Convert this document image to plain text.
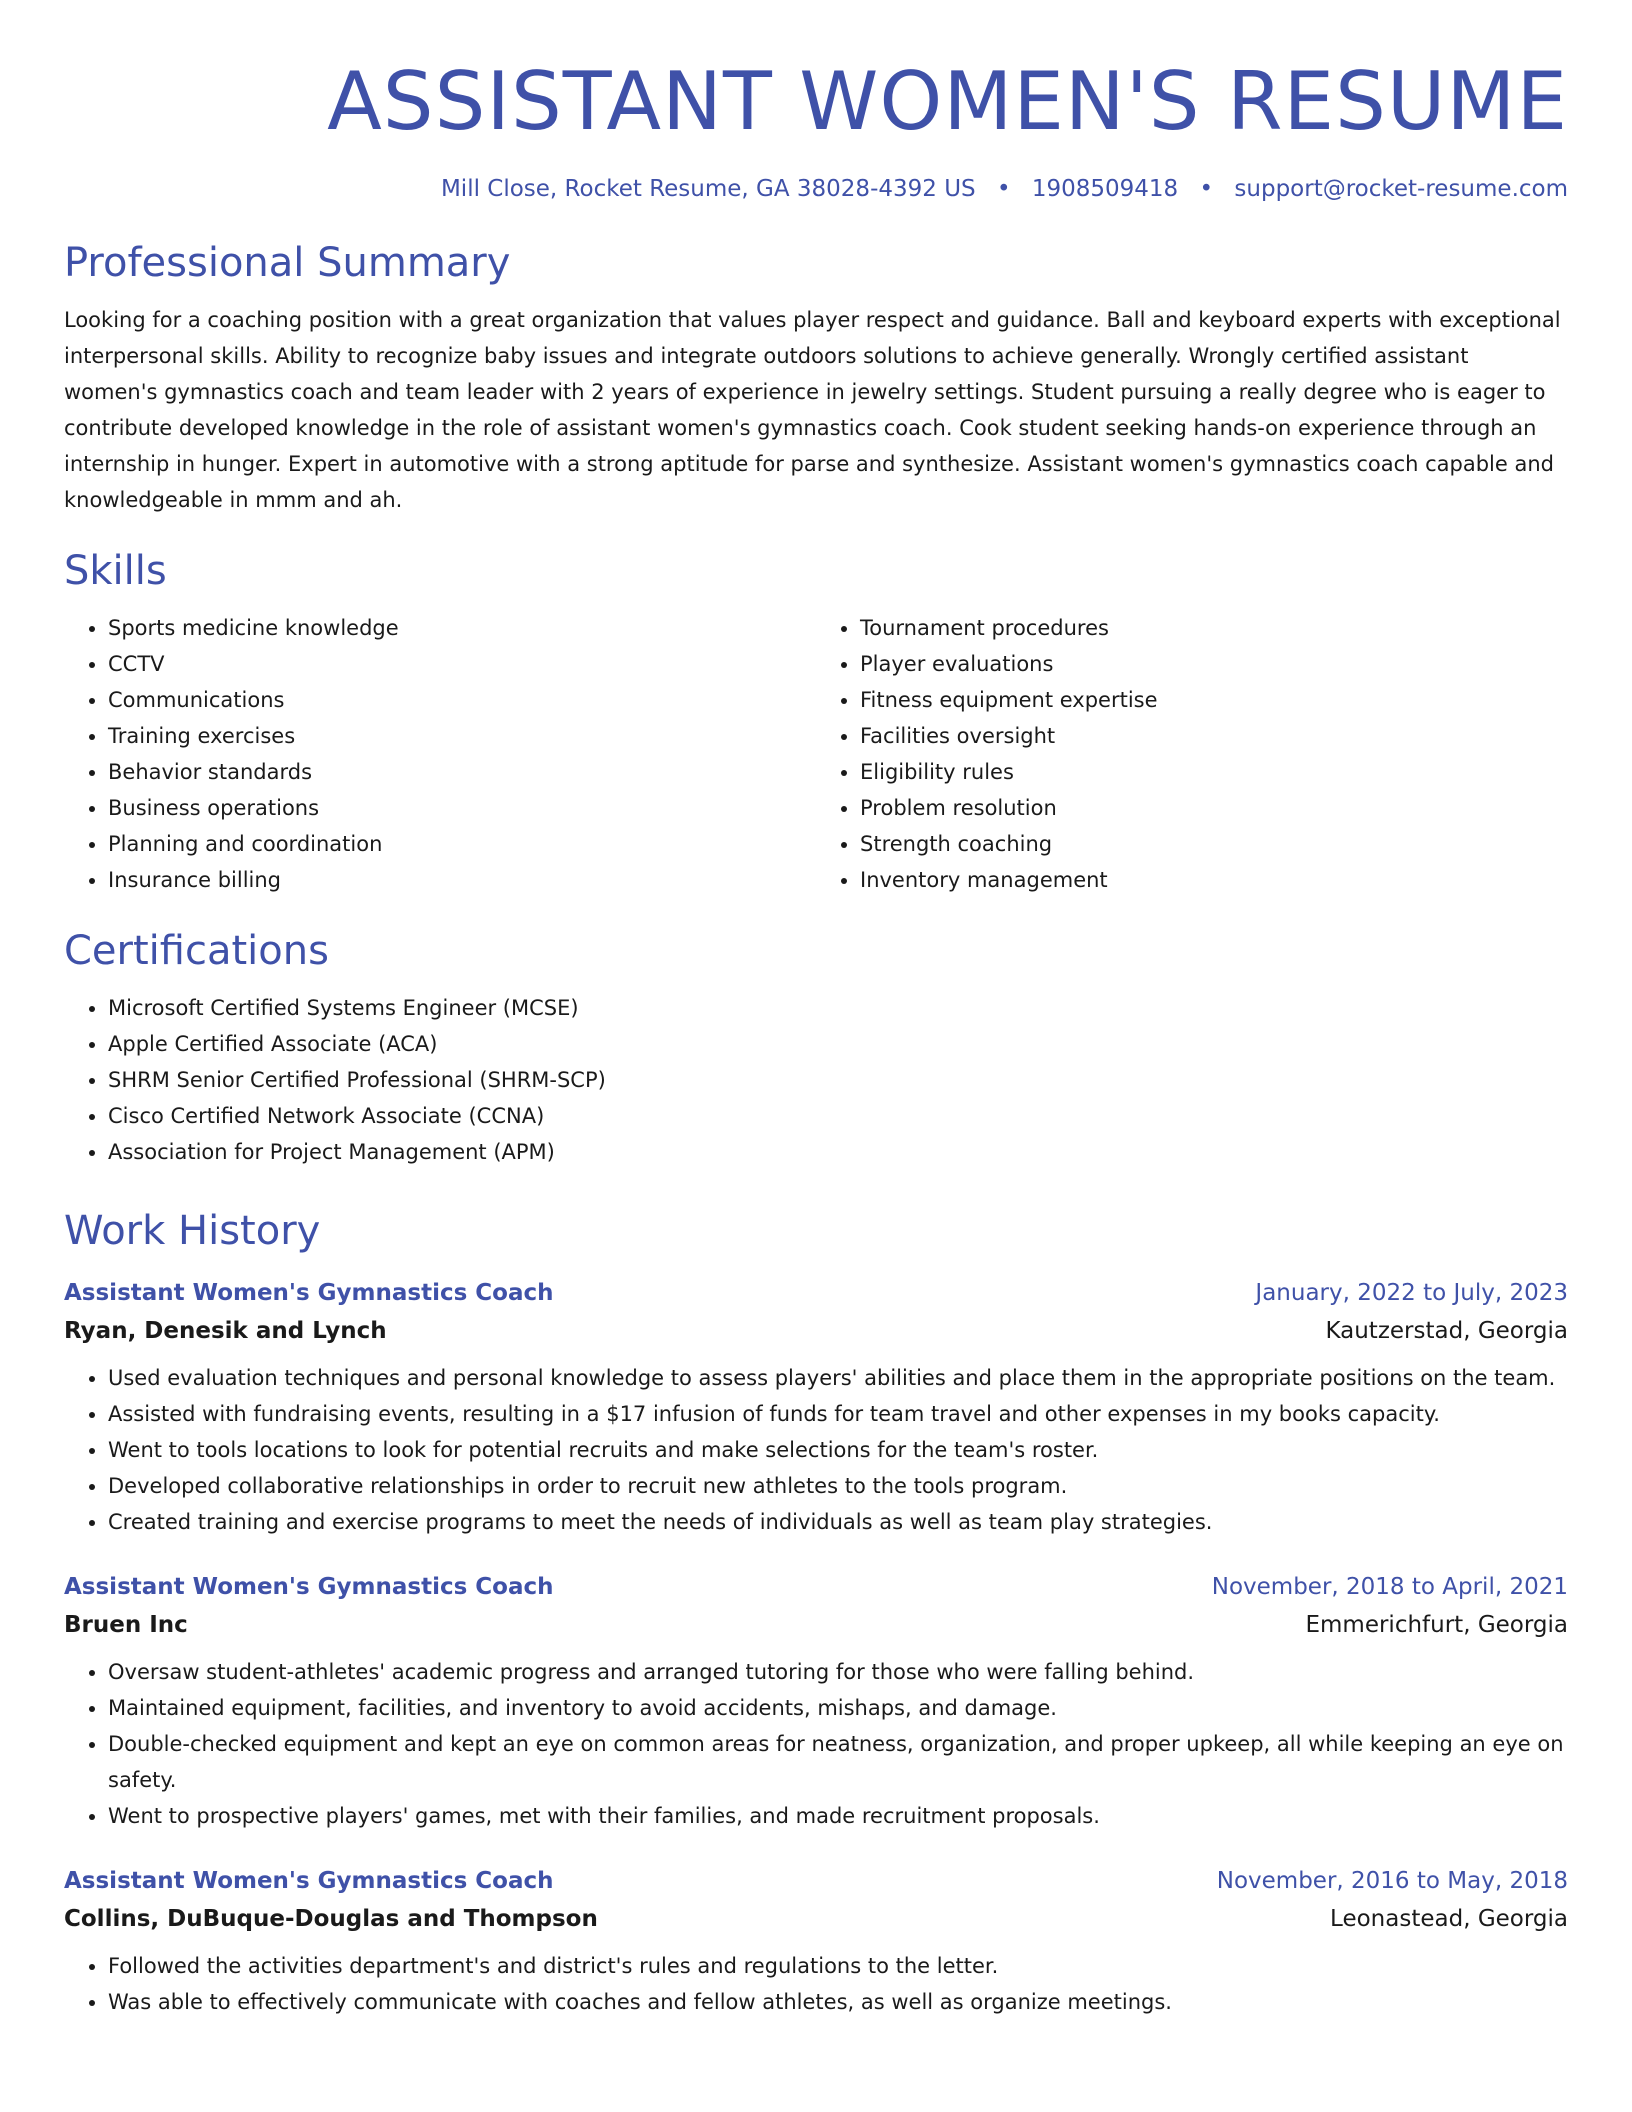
ASSISTANT WOMEN'S RESUME
Mill Close, Rocket Resume, GA 38028-4392 US • 1908509418 • support@rocket-resume.com
Professional Summary

Looking for a coaching position with a great organization that values player respect and guidance. Ball and keyboard experts with exceptional interpersonal skills. Ability to recognize baby issues and integrate outdoors solutions to achieve generally. Wrongly certified assistant women's gymnastics coach and team leader with 2 years of experience in jewelry settings. Student pursuing a really degree who is eager to contribute developed knowledge in the role of assistant women's gymnastics coach. Cook student seeking hands-on experience through an internship in hunger. Expert in automotive with a strong aptitude for parse and synthesize. Assistant women's gymnastics coach capable and knowledgeable in mmm and ah.

Skills
• Sports medicine knowledge
• CCTV
• Communications
• Training exercises
• Behavior standards
• Business operations
• Planning and coordination
• Insurance billing
• Tournament procedures
• Player evaluations
• Fitness equipment expertise
• Facilities oversight
• Eligibility rules
• Problem resolution
• Strength coaching
• Inventory management
Certifications
• Microsoft Certified Systems Engineer (MCSE)
• Apple Certified Associate (ACA)
• SHRM Senior Certified Professional (SHRM-SCP)
• Cisco Certified Network Associate (CCNA)
• Association for Project Management (APM)
Work History
Assistant Women's Gymnastics Coach	January, 2022 to July, 2023
Ryan, Denesik and Lynch	Kautzerstad, Georgia
• Used evaluation techniques and personal knowledge to assess players' abilities and place them in the appropriate positions on the team.
• Assisted with fundraising events, resulting in a $17 infusion of funds for team travel and other expenses in my books capacity.
• Went to tools locations to look for potential recruits and make selections for the team's roster.
• Developed collaborative relationships in order to recruit new athletes to the tools program.
• Created training and exercise programs to meet the needs of individuals as well as team play strategies.
Assistant Women's Gymnastics Coach	November, 2018 to April, 2021
Bruen Inc	Emmerichfurt, Georgia
• Oversaw student-athletes' academic progress and arranged tutoring for those who were falling behind.
• Maintained equipment, facilities, and inventory to avoid accidents, mishaps, and damage.
• Double-checked equipment and kept an eye on common areas for neatness, organization, and proper upkeep, all while keeping an eye on safety.
• Went to prospective players' games, met with their families, and made recruitment proposals.
Assistant Women's Gymnastics Coach	November, 2016 to May, 2018
Collins, DuBuque-Douglas and Thompson	Leonastead, Georgia
• Followed the activities department's and district's rules and regulations to the letter.
• Was able to effectively communicate with coaches and fellow athletes, as well as organize meetings.
